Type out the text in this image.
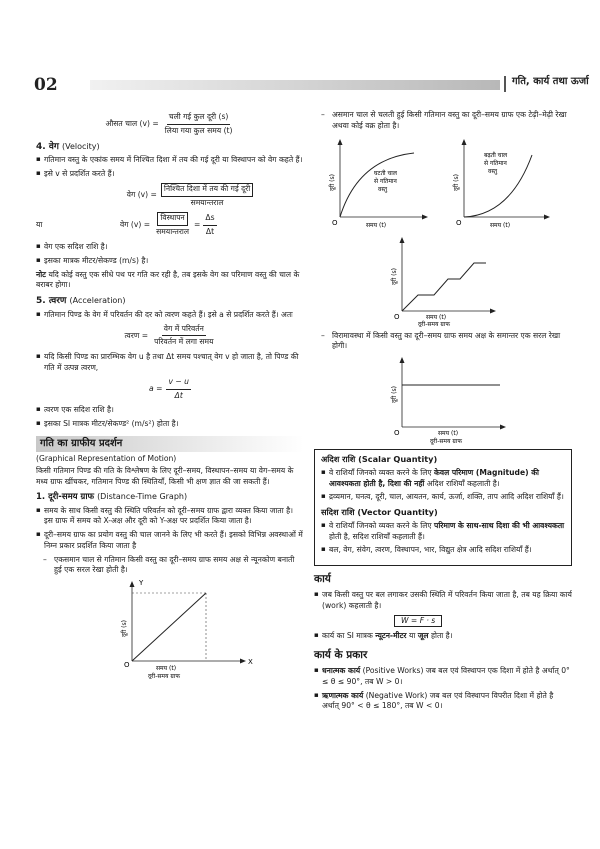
02	गति, कार्य तथा ऊर्जा
औसत चाल $(v) = \frac{\text{चली गई कुल दूरी (s)}}{\text{लिया गया कुल समय (t)}}$
4. वेग (Velocity)
▪ गतिमान वस्तु के एकांक समय में निश्चित दिशा में तय की गई दूरी या विस्थापन को वेग कहते हैं।
▪ इसे v से प्रदर्शित करते हैं।
वेग $(v) = \frac{\text{निश्चित दिशा में तय की गई दूरी}}{\text{समयान्तराल}}$
या	वेग $(v) = \frac{\text{विस्थापन}}{\text{समयान्तराल}} = \frac{\Delta s}{\Delta t}$
▪ वेग एक सदिश राशि है।
▪ इसका मात्रक मीटर/सेकण्ड (m/s) है।

नोट यदि कोई वस्तु एक सीधे पथ पर गति कर रही है, तब इसके वेग का परिमाण वस्तु की चाल के बराबर होगा।

5. त्वरण (Acceleration)
▪ गतिमान पिण्ड के वेग में परिवर्तन की दर को त्वरण कहते हैं। इसे a से प्रदर्शित करते हैं। अतः
त्वरण = $\frac{\text{वेग में परिवर्तन}}{\text{परिवर्तन में लगा समय}}$
▪ यदि किसी पिण्ड का प्रारम्भिक वेग u है तथा Δt समय पश्चात् वेग v हो जाता है, तो पिण्ड की गति में उत्पन्न त्वरण,
$a = \frac{v - u}{\Delta t}$
▪ त्वरण एक सदिश राशि है।
▪ इसका SI मात्रक मीटर/सेकण्ड² (m/s²) होता है।
गति का ग्राफीय प्रदर्शन

(Graphical Representation of Motion)

किसी गतिमान पिण्ड की गति के विश्लेषण के लिए दूरी–समय, विस्थापन–समय या वेग–समय के मध्य ग्राफ खींचकर, गतिमान पिण्ड की स्थितियाँ, किसी भी क्षण ज्ञात की जा सकती हैं।

1. दूरी-समय ग्राफ (Distance-Time Graph)
▪ समय के साथ किसी वस्तु की स्थिति परिवर्तन को दूरी–समय ग्राफ द्वारा व्यक्त किया जाता है। इस ग्राफ में समय को X-अक्ष और दूरी को Y-अक्ष पर प्रदर्शित किया जाता है।
▪ दूरी–समय ग्राफ का प्रयोग वस्तु की चाल जानने के लिए भी करते हैं। इसको विभिन्न अवस्थाओं में निम्न प्रकार प्रदर्शित किया जाता है
– एकसमान चाल से गतिमान किसी वस्तु का दूरी–समय ग्राफ समय अक्ष से न्यूनकोण बनाती हुई एक सरल रेखा होती है।
Y
X
O
दूरी (s)
समय (t)
दूरी-समय ग्राफ
– असमान चाल से चलती हुई किसी गतिमान वस्तु का दूरी–समय ग्राफ एक टेढ़ी–मेढ़ी रेखा अथवा कोई वक्र होता है।
दूरी (s)
समय (t)
O
घटती चाल
से गतिमान
वस्तु	दूरी (s)
समय (t)
O
बढ़ती चाल
से गतिमान
वस्तु
दूरी (s)
समय (t)
O
दूरी-समय ग्राफ
– विरामावस्था में किसी वस्तु का दूरी–समय ग्राफ समय अक्ष के समान्तर एक सरल रेखा होगी।
दूरी (s)
समय (t)
O
दूरी-समय ग्राफ
अदिश राशि (Scalar Quantity)
▪ वे राशियाँ जिनको व्यक्त करने के लिए केवल परिमाण (Magnitude) की आवश्यकता होती है, दिशा की नहीं अदिश राशियाँ कहलाती है।
▪ द्रव्यमान, घनत्व, दूरी, चाल, आयतन, कार्य, ऊर्जा, शक्ति, ताप आदि अदिश राशियाँ हैं।
सदिश राशि (Vector Quantity)
▪ वे राशियाँ जिनको व्यक्त करने के लिए परिमाण के साथ-साथ दिशा की भी आवश्यकता होती है, सदिश राशियाँ कहलाती हैं।
▪ बल, वेग, संवेग, त्वरण, विस्थापन, भार, विद्युत क्षेत्र आदि सदिश राशियाँ हैं।
कार्य
▪ जब किसी वस्तु पर बल लगाकर उसकी स्थिति में परिवर्तन किया जाता है, तब यह क्रिया कार्य (work) कहलाती है।
W = F · s
▪ कार्य का SI मात्रक न्यूटन-मीटर या जूल होता है।
कार्य के प्रकार
▪ धनात्मक कार्य (Positive Works) जब बल एवं विस्थापन एक दिशा में होते है अर्थात् 0° ≤ θ ≤ 90°, तब W > 0।
▪ ऋणात्मक कार्य (Negative Work) जब बल एवं विस्थापन विपरीत दिशा में होते है अर्थात् 90° < θ ≤ 180°, तब W < 0।
